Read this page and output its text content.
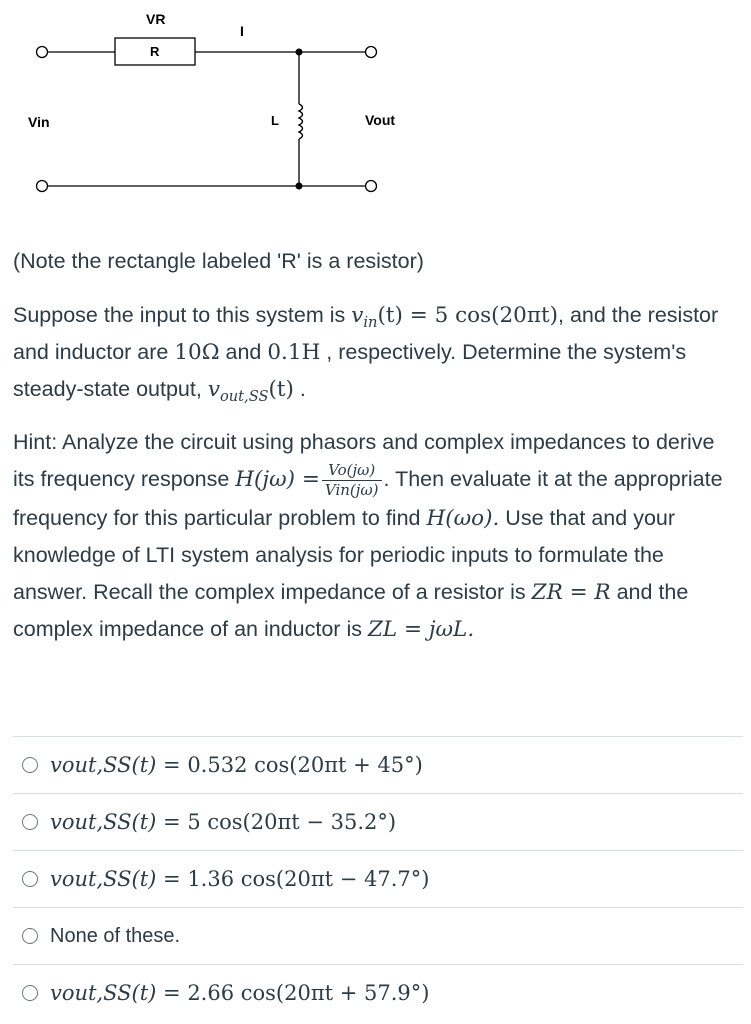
VR
R
I
Vin	L	Vout

(Note the rectangle labeled 'R' is a resistor)

Suppose the input to this system is $v_{in}(t) = 5$ cos(20πt), and the resistor and inductor are 10Ω and 0.1H , respectively. Determine the system's steady-state output, $v_{out,SS}(t)$ .

Hint: Analyze the circuit using phasors and complex impedances to derive its frequency response $H(j\omega) = \frac{Vo(j\omega)}{\text{Vin(jω)}}$ . Then evaluate it at the appropriate frequency for this particular problem to find H(ωo). Use that and your knowledge of LTI system analysis for periodic inputs to formulate the answer. Recall the complex impedance of a resistor is ZR = R and the complex impedance of an inductor is ZL = jωL.

vout,SS(t) = 0.532 cos(20πt + 45°)
vout,SS(t) = 5 cos(20πt − 35.2°)
vout,SS(t) = 1.36 cos(20πt − 47.7°)
None of these.
vout,SS(t) = 2.66 cos(20πt + 57.9°)
